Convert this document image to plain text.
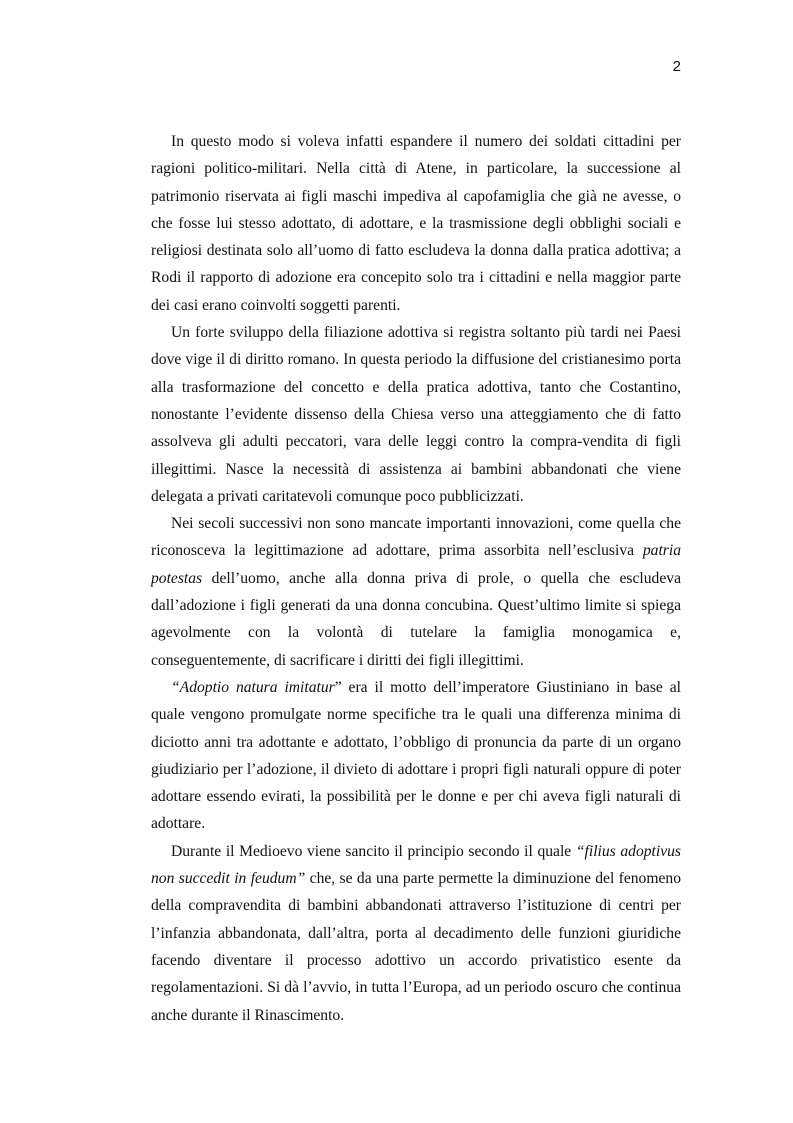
2

In questo modo si voleva infatti espandere il numero dei soldati cittadini per ragioni politico-militari. Nella città di Atene, in particolare, la successione al patrimonio riservata ai figli maschi impediva al capofamiglia che già ne avesse, o che fosse lui stesso adottato, di adottare, e la trasmissione degli obblighi sociali e religiosi destinata solo all’uomo di fatto escludeva la donna dalla pratica adottiva; a Rodi il rapporto di adozione era concepito solo tra i cittadini e nella maggior parte dei casi erano coinvolti soggetti parenti.

Un forte sviluppo della filiazione adottiva si registra soltanto più tardi nei Paesi dove vige il di diritto romano. In questa periodo la diffusione del cristianesimo porta alla trasformazione del concetto e della pratica adottiva, tanto che Costantino, nonostante l’evidente dissenso della Chiesa verso una atteggiamento che di fatto assolveva gli adulti peccatori, vara delle leggi contro la compra-vendita di figli illegittimi. Nasce la necessità di assistenza ai bambini abbandonati che viene delegata a privati caritatevoli comunque poco pubblicizzati.

Nei secoli successivi non sono mancate importanti innovazioni, come quella che riconosceva la legittimazione ad adottare, prima assorbita nell’esclusiva patria potestas dell’uomo, anche alla donna priva di prole, o quella che escludeva dall’adozione i figli generati da una donna concubina. Quest’ultimo limite si spiega agevolmente con la volontà di tutelare la famiglia monogamica e, conseguentemente, di sacrificare i diritti dei figli illegittimi.

“Adoptio natura imitatur” era il motto dell’imperatore Giustiniano in base al quale vengono promulgate norme specifiche tra le quali una differenza minima di diciotto anni tra adottante e adottato, l’obbligo di pronuncia da parte di un organo giudiziario per l’adozione, il divieto di adottare i propri figli naturali oppure di poter adottare essendo evirati, la possibilità per le donne e per chi aveva figli naturali di adottare.

Durante il Medioevo viene sancito il principio secondo il quale “filius adoptivus non succedit in feudum” che, se da una parte permette la diminuzione del fenomeno della compravendita di bambini abbandonati attraverso l’istituzione di centri per l’infanzia abbandonata, dall’altra, porta al decadimento delle funzioni giuridiche facendo diventare il processo adottivo un accordo privatistico esente da regolamentazioni. Si dà l’avvio, in tutta l’Europa, ad un periodo oscuro che continua anche durante il Rinascimento.
